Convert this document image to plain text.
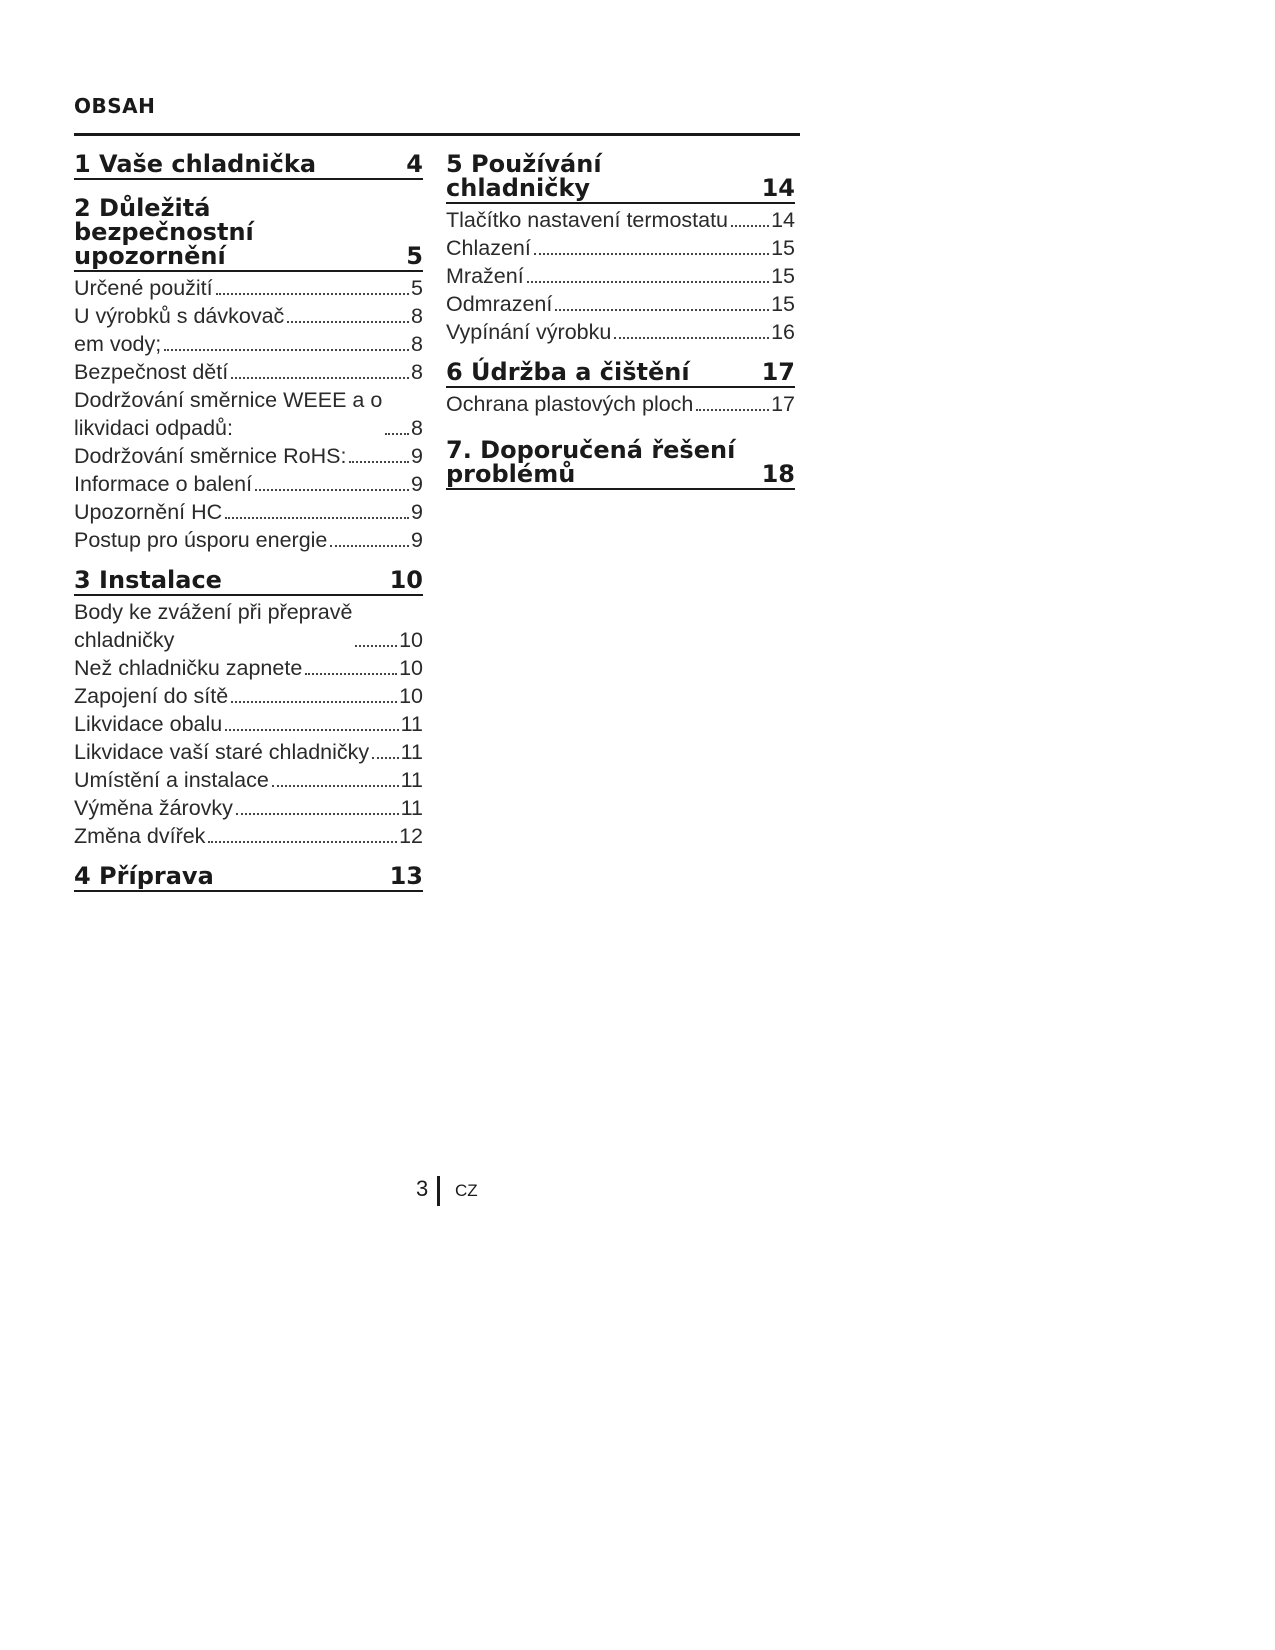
OBSAH
1 Vaše chladnička	4
2 Důležitá bezpečnostní
upozornění	5
Určené použití	5
U výrobků s dávkovač	8
em vody;	8
Bezpečnost dětí	8
Dodržování směrnice WEEE a o
likvidaci odpadů:	8
Dodržování směrnice RoHS:	9
Informace o balení	9
Upozornění HC	9
Postup pro úsporu energie	9
3 Instalace	10
Body ke zvážení při přepravě
chladničky	10
Než chladničku zapnete	10
Zapojení do sítě	10
Likvidace obalu	11
Likvidace vaší staré chladničky 11
Umístění a instalace	11
Výměna žárovky	11
Změna dvířek	12
4 Příprava	13
5 Používání chladničky	14
Tlačítko nastavení termostatu 14
Chlazení	15
Mražení	15
Odmrazení	15
Vypínání výrobku	16
6 Údržba a čištění	17
Ochrana plastových ploch	17
7. Doporučená řešení
problémů	18
3 CZ
